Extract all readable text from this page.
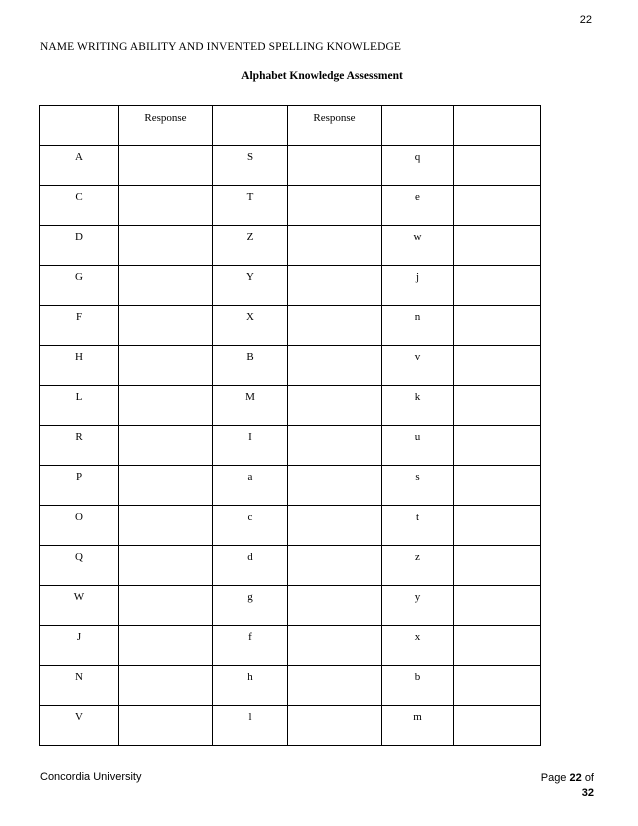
22
NAME WRITING ABILITY AND INVENTED SPELLING KNOWLEDGE
Alphabet Knowledge Assessment

	Response		Response		

A		S		q	

C		T		e	

D		Z		w	

G		Y		j	

F		X		n	

H		B		v	

L		M		k	

R		I		u	

P		a		s	

O		c		t	

Q		d		z	

W		g		y	

J		f		x	

N		h		b	

V		l		m	

Concordia University	Page 22 of
32
